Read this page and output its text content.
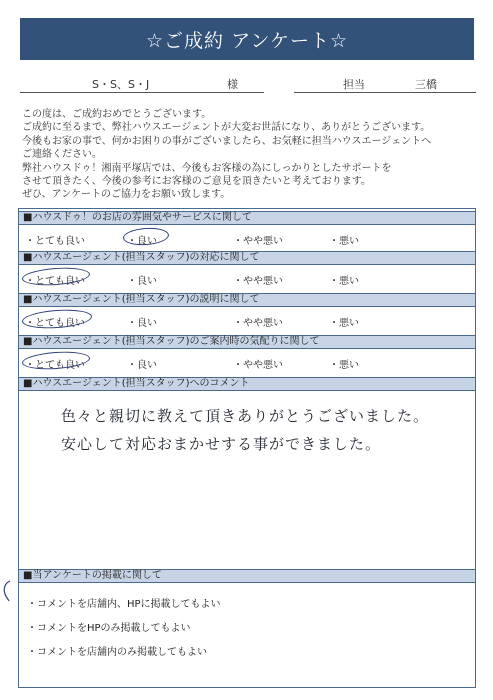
☆ご成約 アンケート☆
S・S、S・J	様	担当	三橋
この度は、ご成約おめでとうございます。
ご成約に至るまで、弊社ハウスエージェントが大変お世話になり、ありがとうございます。
今後もお家の事で、何かお困りの事がございましたら、お気軽に担当ハウスエージェントへ
ご連絡ください。
弊社ハウスドゥ！湘南平塚店では、今後もお客様の為にしっかりとしたサポートを
させて頂きたく、今後の参考にお客様のご意見を頂きたいと考えております。
ぜひ、アンケートのご協力をお願い致します。
■ハウスドゥ！のお店の雰囲気やサービスに関して
・とても良い	・良い	・やや悪い	・悪い
■ハウスエージェント(担当スタッフ)の対応に関して
・とても良い	・良い	・やや悪い	・悪い
■ハウスエージェント(担当スタッフ)の説明に関して
・とても良い	・良い	・やや悪い	・悪い
■ハウスエージェント(担当スタッフ)のご案内時の気配りに関して
・とても良い	・良い	・やや悪い	・悪い
■ハウスエージェント(担当スタッフ)へのコメント
色々と親切に教えて頂きありがとうございました。
安心して対応おまかせする事ができました。
■当アンケートの掲載に関して
・コメントを店舗内、HPに掲載してもよい
・コメントをHPのみ掲載してもよい
・コメントを店舗内のみ掲載してもよい
